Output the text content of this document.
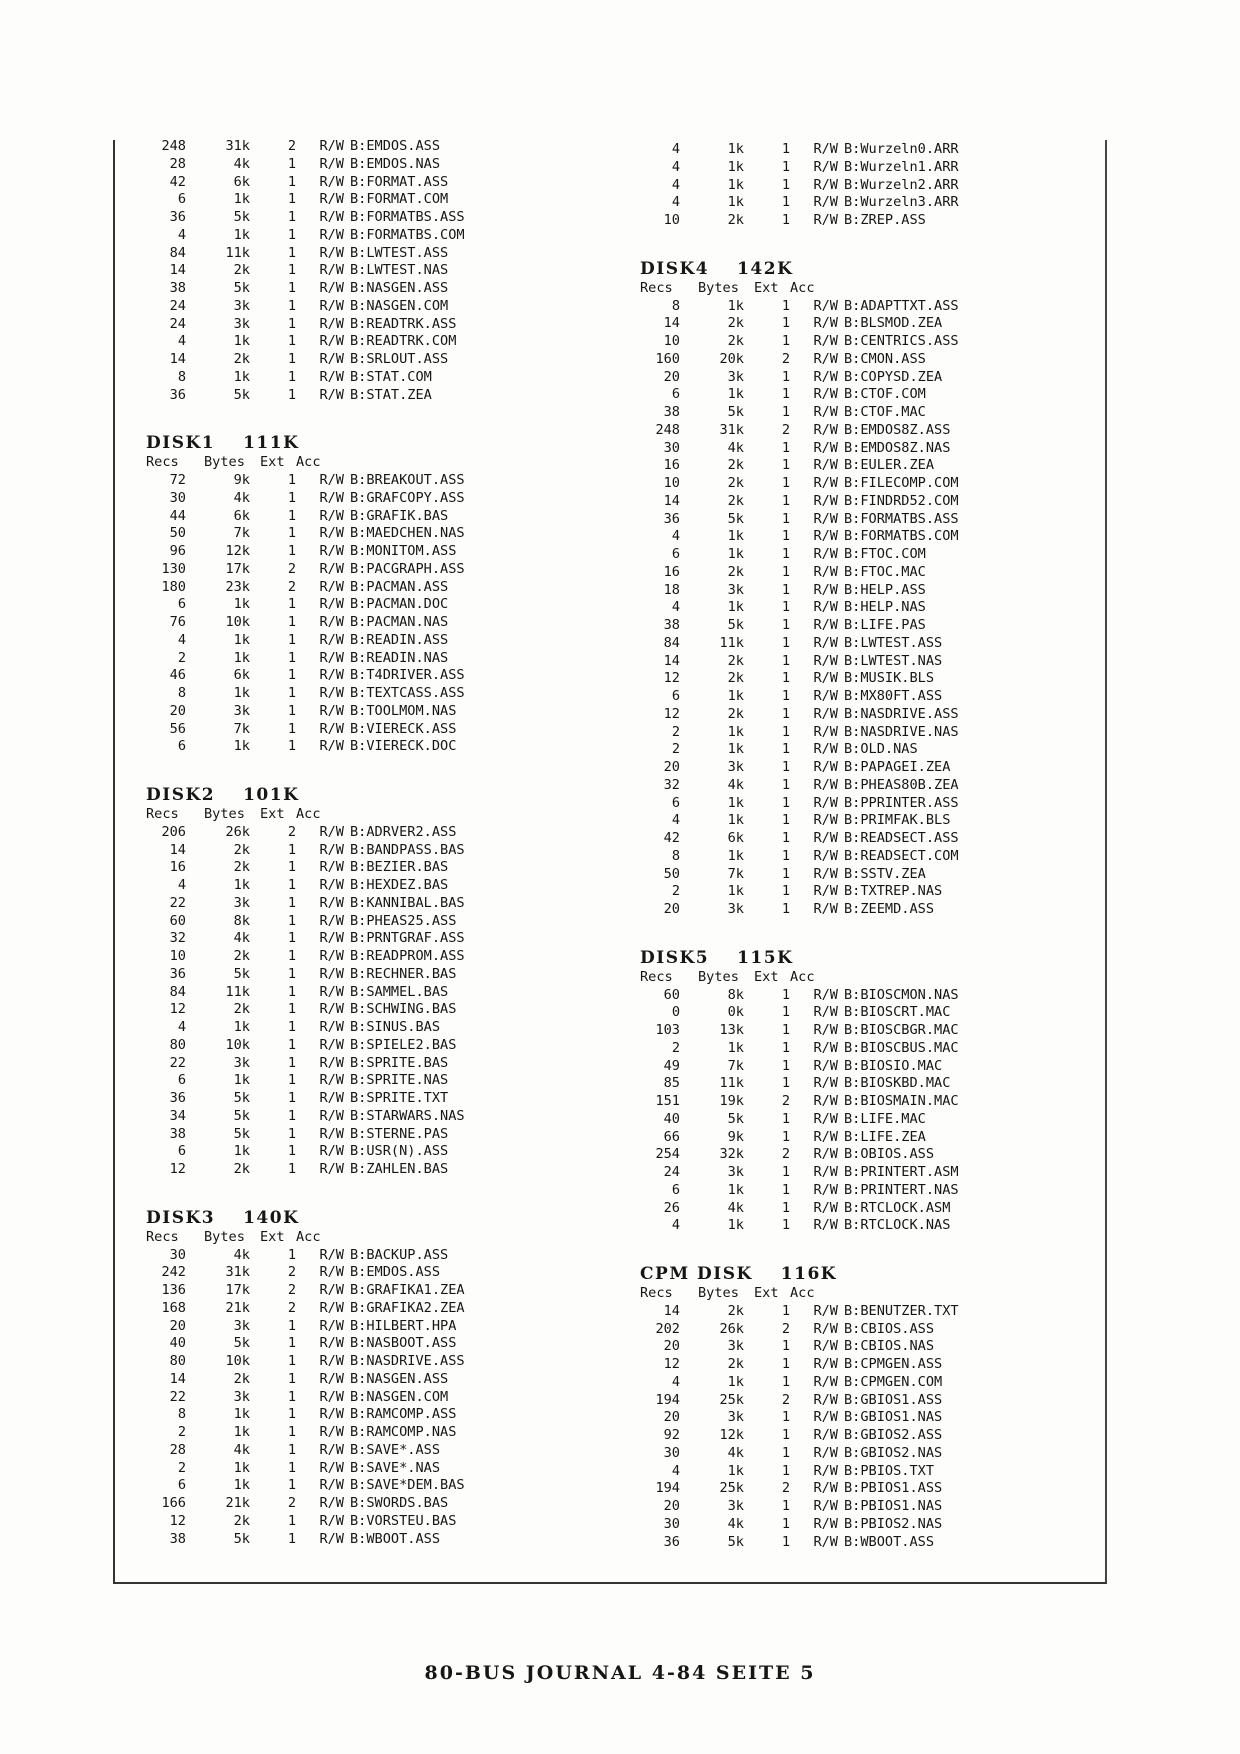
248	31k	2 R/W B:EMDOS.ASS
28	4k	1 R/W B:EMDOS.NAS
42	6k	1 R/W B:FORMAT.ASS
6	1k	1 R/W B:FORMAT.COM
36	5k	1 R/W B:FORMATBS.ASS
4	1k	1 R/W B:FORMATBS.COM
84	11k	1 R/W B:LWTEST.ASS
14	2k	1 R/W B:LWTEST.NAS
38	5k	1 R/W B:NASGEN.ASS
24	3k	1 R/W B:NASGEN.COM
24	3k	1 R/W B:READTRK.ASS
4	1k	1 R/W B:READTRK.COM
14	2k	1 R/W B:SRLOUT.ASS
8	1k	1 R/W B:STAT.COM
36	5k	1 R/W B:STAT.ZEA
DISK1 111K
Recs Bytes Ext Acc
72	9k	1 R/W B:BREAKOUT.ASS
30	4k	1 R/W B:GRAFCOPY.ASS
44	6k	1 R/W B:GRAFIK.BAS
50	7k	1 R/W B:MAEDCHEN.NAS
96	12k	1 R/W B:MONITOM.ASS
130	17k	2 R/W B:PACGRAPH.ASS
180	23k	2 R/W B:PACMAN.ASS
6	1k	1 R/W B:PACMAN.DOC
76	10k	1 R/W B:PACMAN.NAS
4	1k	1 R/W B:READIN.ASS
2	1k	1 R/W B:READIN.NAS
46	6k	1 R/W B:T4DRIVER.ASS
8	1k	1 R/W B:TEXTCASS.ASS
20	3k	1 R/W B:TOOLMOM.NAS
56	7k	1 R/W B:VIERECK.ASS
6	1k	1 R/W B:VIERECK.DOC
DISK2 101K
Recs Bytes Ext Acc
206	26k	2 R/W B:ADRVER2.ASS
14	2k	1 R/W B:BANDPASS.BAS
16	2k	1 R/W B:BEZIER.BAS
4	1k	1 R/W B:HEXDEZ.BAS
22	3k	1 R/W B:KANNIBAL.BAS
60	8k	1 R/W B:PHEAS25.ASS
32	4k	1 R/W B:PRNTGRAF.ASS
10	2k	1 R/W B:READPROM.ASS
36	5k	1 R/W B:RECHNER.BAS
84	11k	1 R/W B:SAMMEL.BAS
12	2k	1 R/W B:SCHWING.BAS
4	1k	1 R/W B:SINUS.BAS
80	10k	1 R/W B:SPIELE2.BAS
22	3k	1 R/W B:SPRITE.BAS
6	1k	1 R/W B:SPRITE.NAS
36	5k	1 R/W B:SPRITE.TXT
34	5k	1 R/W B:STARWARS.NAS
38	5k	1 R/W B:STERNE.PAS
6	1k	1 R/W B:USR(N).ASS
12	2k	1 R/W B:ZAHLEN.BAS
DISK3 140K
Recs Bytes Ext Acc
30	4k	1 R/W B:BACKUP.ASS
242	31k	2 R/W B:EMDOS.ASS
136	17k	2 R/W B:GRAFIKA1.ZEA
168	21k	2 R/W B:GRAFIKA2.ZEA
20	3k	1 R/W B:HILBERT.HPA
40	5k	1 R/W B:NASBOOT.ASS
80	10k	1 R/W B:NASDRIVE.ASS
14	2k	1 R/W B:NASGEN.ASS
22	3k	1 R/W B:NASGEN.COM
8	1k	1 R/W B:RAMCOMP.ASS
2	1k	1 R/W B:RAMCOMP.NAS
28	4k	1 R/W B:SAVE*.ASS
2	1k	1 R/W B:SAVE*.NAS
6	1k	1 R/W B:SAVE*DEM.BAS
166	21k	2 R/W B:SWORDS.BAS
12	2k	1 R/W B:VORSTEU.BAS
38	5k	1 R/W B:WBOOT.ASS
4	1k	1 R/W B:Wurzeln0.ARR
4	1k	1 R/W B:Wurzeln1.ARR
4	1k	1 R/W B:Wurzeln2.ARR
4	1k	1 R/W B:Wurzeln3.ARR
10	2k	1 R/W B:ZREP.ASS
DISK4 142K
Recs Bytes Ext Acc
8	1k	1 R/W B:ADAPTTXT.ASS
14	2k	1 R/W B:BLSMOD.ZEA
10	2k	1 R/W B:CENTRICS.ASS
160	20k	2 R/W B:CMON.ASS
20	3k	1 R/W B:COPYSD.ZEA
6	1k	1 R/W B:CTOF.COM
38	5k	1 R/W B:CTOF.MAC
248	31k	2 R/W B:EMDOS8Z.ASS
30	4k	1 R/W B:EMDOS8Z.NAS
16	2k	1 R/W B:EULER.ZEA
10	2k	1 R/W B:FILECOMP.COM
14	2k	1 R/W B:FINDRD52.COM
36	5k	1 R/W B:FORMATBS.ASS
4	1k	1 R/W B:FORMATBS.COM
6	1k	1 R/W B:FTOC.COM
16	2k	1 R/W B:FTOC.MAC
18	3k	1 R/W B:HELP.ASS
4	1k	1 R/W B:HELP.NAS
38	5k	1 R/W B:LIFE.PAS
84	11k	1 R/W B:LWTEST.ASS
14	2k	1 R/W B:LWTEST.NAS
12	2k	1 R/W B:MUSIK.BLS
6	1k	1 R/W B:MX80FT.ASS
12	2k	1 R/W B:NASDRIVE.ASS
2	1k	1 R/W B:NASDRIVE.NAS
2	1k	1 R/W B:OLD.NAS
20	3k	1 R/W B:PAPAGEI.ZEA
32	4k	1 R/W B:PHEAS80B.ZEA
6	1k	1 R/W B:PPRINTER.ASS
4	1k	1 R/W B:PRIMFAK.BLS
42	6k	1 R/W B:READSECT.ASS
8	1k	1 R/W B:READSECT.COM
50	7k	1 R/W B:SSTV.ZEA
2	1k	1 R/W B:TXTREP.NAS
20	3k	1 R/W B:ZEEMD.ASS
DISK5 115K
Recs Bytes Ext Acc
60	8k	1 R/W B:BIOSCMON.NAS
0	0k	1 R/W B:BIOSCRT.MAC
103	13k	1 R/W B:BIOSCBGR.MAC
2	1k	1 R/W B:BIOSCBUS.MAC
49	7k	1 R/W B:BIOSIO.MAC
85	11k	1 R/W B:BIOSKBD.MAC
151	19k	2 R/W B:BIOSMAIN.MAC
40	5k	1 R/W B:LIFE.MAC
66	9k	1 R/W B:LIFE.ZEA
254	32k	2 R/W B:OBIOS.ASS
24	3k	1 R/W B:PRINTERT.ASM
6	1k	1 R/W B:PRINTERT.NAS
26	4k	1 R/W B:RTCLOCK.ASM
4	1k	1 R/W B:RTCLOCK.NAS
CPM DISK 116K
Recs Bytes Ext Acc
14	2k	1 R/W B:BENUTZER.TXT
202	26k	2 R/W B:CBIOS.ASS
20	3k	1 R/W B:CBIOS.NAS
12	2k	1 R/W B:CPMGEN.ASS
4	1k	1 R/W B:CPMGEN.COM
194	25k	2 R/W B:GBIOS1.ASS
20	3k	1 R/W B:GBIOS1.NAS
92	12k	1 R/W B:GBIOS2.ASS
30	4k	1 R/W B:GBIOS2.NAS
4	1k	1 R/W B:PBIOS.TXT
194	25k	2 R/W B:PBIOS1.ASS
20	3k	1 R/W B:PBIOS1.NAS
30	4k	1 R/W B:PBIOS2.NAS
36	5k	1 R/W B:WBOOT.ASS
80-BUS JOURNAL 4-84 SEITE 5
